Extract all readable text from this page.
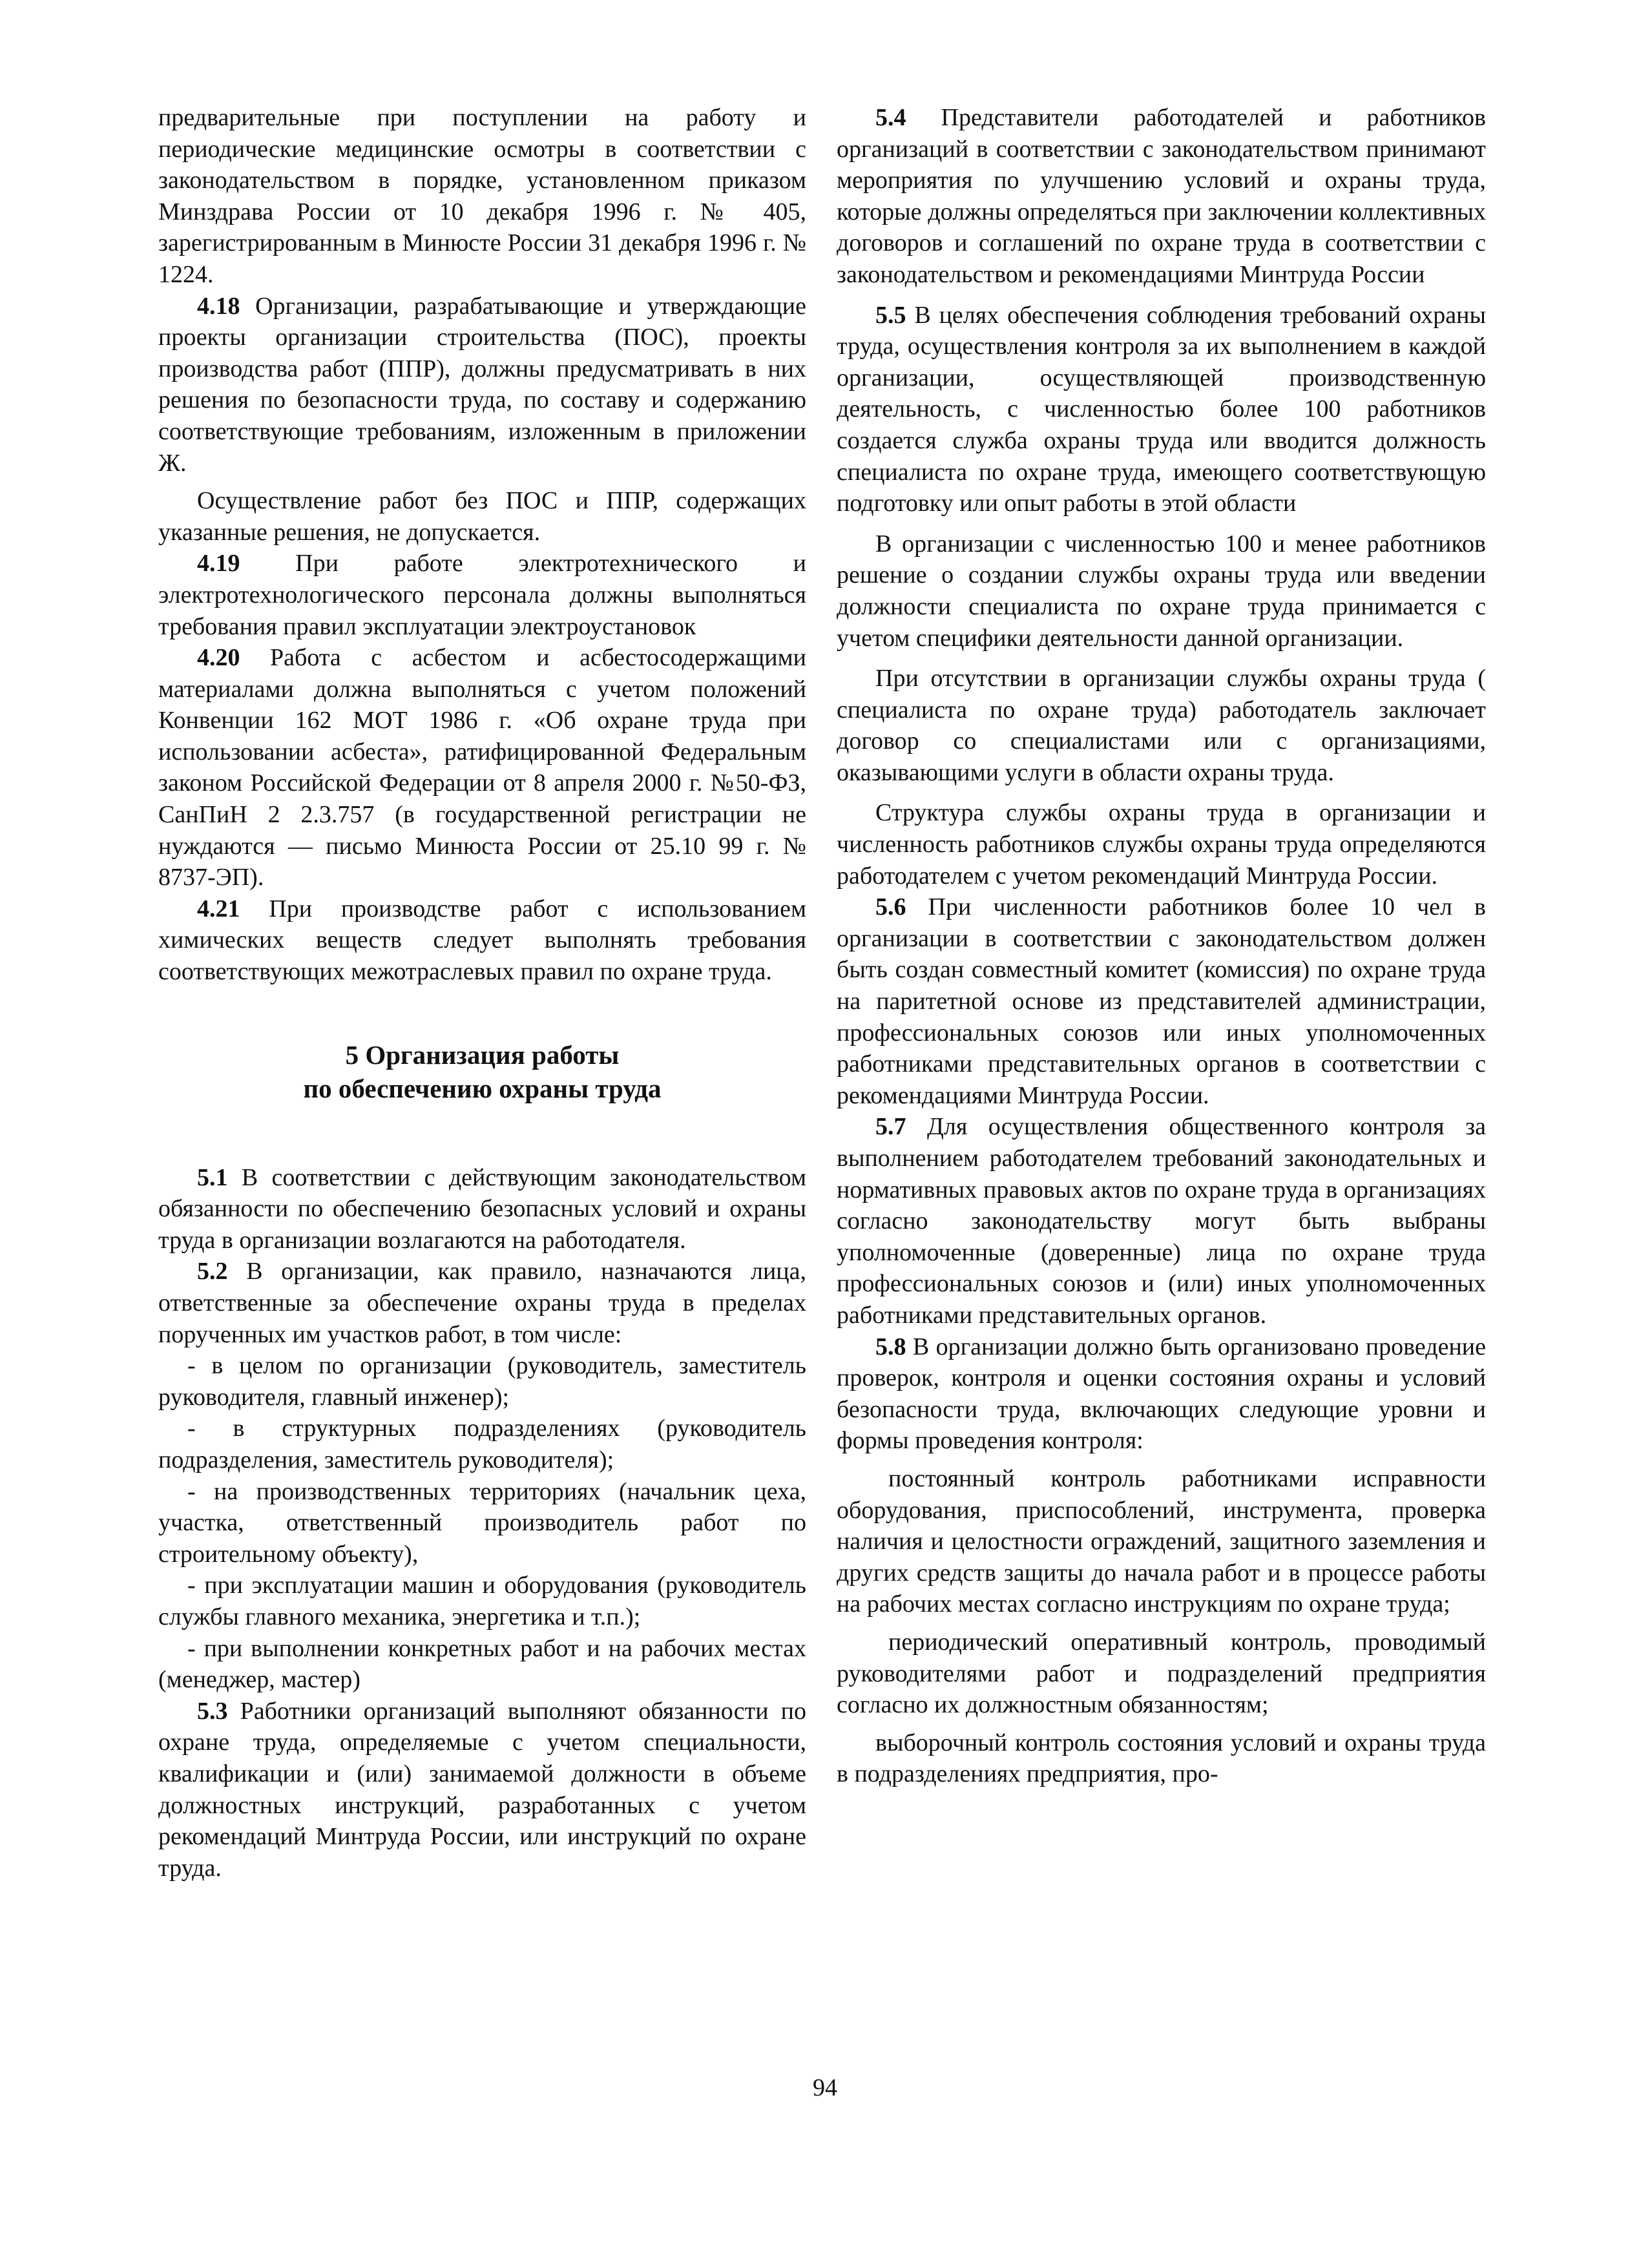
предварительные при поступлении на работу и периодические медицинские осмотры в соответствии с законодательством в порядке, установленном приказом Минздрава России от 10 декабря 1996 г. № 405, зарегистрированным в Минюсте России 31 декабря 1996 г. № 1224.

4.18 Организации, разрабатывающие и утверждающие проекты организации строительства (ПОС), проекты производства работ (ППР), должны предусматривать в них решения по безопасности труда, по составу и содержанию соответствующие требованиям, изложенным в приложении Ж.

Осуществление работ без ПОС и ППР, содержащих указанные решения, не допускается.

4.19 При работе электротехнического и электротехнологического персонала должны выполняться требования правил эксплуатации электроустановок

4.20 Работа с асбестом и асбестосодержащими материалами должна выполняться с учетом положений Конвенции 162 МОТ 1986 г. «Об охране труда при использовании асбеста», ратифицированной Федеральным законом Российской Федерации от 8 апреля 2000 г. №50-ФЗ, СанПиН 2 2.3.757 (в государственной регистрации не нуждаются — письмо Минюста России от 25.10 99 г. № 8737-ЭП).

4.21 При производстве работ с использованием химических веществ следует выполнять требования соответствующих межотраслевых правил по охране труда.

5 Организация работы
по обеспечению охраны труда

5.1 В соответствии с действующим законодательством обязанности по обеспечению безопасных условий и охраны труда в организации возлагаются на работодателя.

5.2 В организации, как правило, назначаются лица, ответственные за обеспечение охраны труда в пределах порученных им участков работ, в том числе:

- в целом по организации (руководитель, заместитель руководителя, главный инженер);

- в структурных подразделениях (руководитель подразделения, заместитель руководителя);

- на производственных территориях (начальник цеха, участка, ответственный производитель работ по строительному объекту),

- при эксплуатации машин и оборудования (руководитель службы главного механика, энергетика и т.п.);

- при выполнении конкретных работ и на рабочих местах (менеджер, мастер)

5.3 Работники организаций выполняют обязанности по охране труда, определяемые с учетом специальности, квалификации и (или) занимаемой должности в объеме должностных инструкций, разработанных с учетом рекомендаций Минтруда России, или инструкций по охране труда.

5.4 Представители работодателей и работников организаций в соответствии с законодательством принимают мероприятия по улучшению условий и охраны труда, которые должны определяться при заключении коллективных договоров и соглашений по охране труда в соответствии с законодательством и рекомендациями Минтруда России

5.5 В целях обеспечения соблюдения требований охраны труда, осуществления контроля за их выполнением в каждой организации, осуществляющей производственную деятельность, с численностью более 100 работников создается служба охраны труда или вводится должность специалиста по охране труда, имеющего соответствующую подготовку или опыт работы в этой области

В организации с численностью 100 и менее работников решение о создании службы охраны труда или введении должности специалиста по охране труда принимается с учетом специфики деятельности данной организации.

При отсутствии в организации службы охраны труда ( специалиста по охране труда) работодатель заключает договор со специалистами или с организациями, оказывающими услуги в области охраны труда.

Структура службы охраны труда в организации и численность работников службы охраны труда определяются работодателем с учетом рекомендаций Минтруда России.

5.6 При численности работников более 10 чел в организации в соответствии с законодательством должен быть создан совместный комитет (комиссия) по охране труда на паритетной основе из представителей администрации, профессиональных союзов или иных уполномоченных работниками представительных органов в соответствии с рекомендациями Минтруда России.

5.7 Для осуществления общественного контроля за выполнением работодателем требований законодательных и нормативных правовых актов по охране труда в организациях согласно законодательству могут быть выбраны уполномоченные (доверенные) лица по охране труда профессиональных союзов и (или) иных уполномоченных работниками представительных органов.

5.8 В организации должно быть организовано проведение проверок, контроля и оценки состояния охраны и условий безопасности труда, включающих следующие уровни и формы проведения контроля:

постоянный контроль работниками исправности оборудования, приспособлений, инструмента, проверка наличия и целостности ограждений, защитного заземления и других средств защиты до начала работ и в процессе работы на рабочих местах согласно инструкциям по охране труда;

периодический оперативный контроль, проводимый руководителями работ и подразделений предприятия согласно их должностным обязанностям;

выборочный контроль состояния условий и охраны труда в подразделениях предприятия, про-

94
